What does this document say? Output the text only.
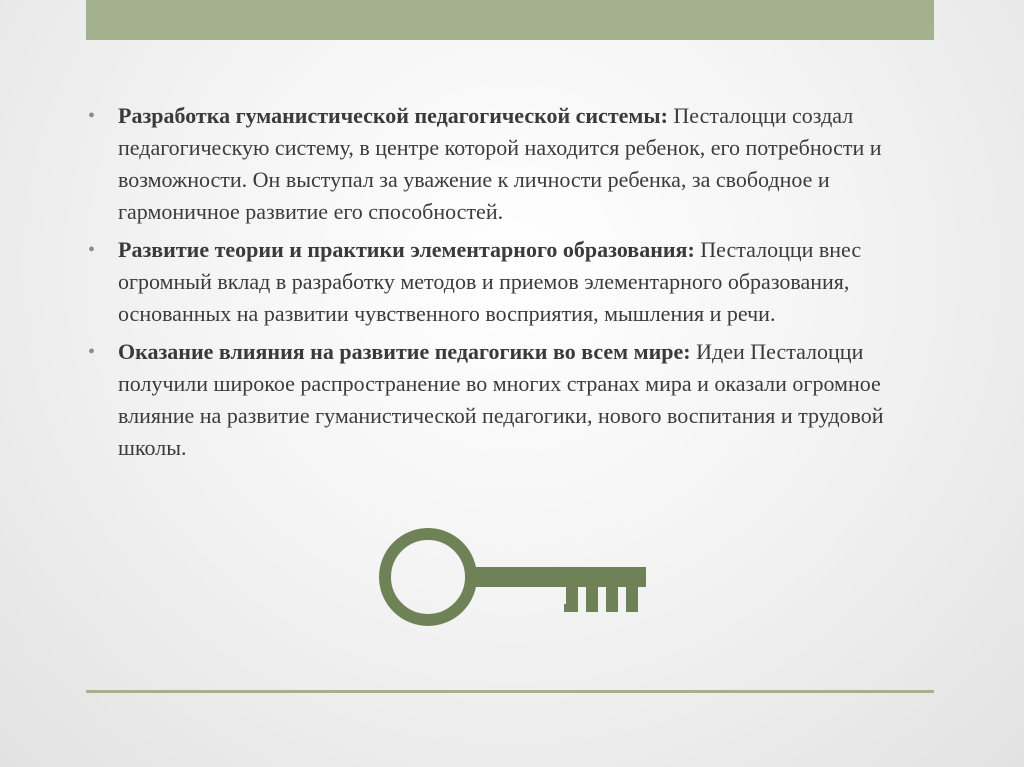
• Разработка гуманистической педагогической системы: Песталоцци создал педагогическую систему, в центре которой находится ребенок, его потребности и возможности. Он выступал за уважение к личности ребенка, за свободное и гармоничное развитие его способностей.
• Развитие теории и практики элементарного образования: Песталоцци внес огромный вклад в разработку методов и приемов элементарного образования, основанных на развитии чувственного восприятия, мышления и речи.
• Оказание влияния на развитие педагогики во всем мире: Идеи Песталоцци получили широкое распространение во многих странах мира и оказали огромное влияние на развитие гуманистической педагогики, нового воспитания и трудовой школы.
